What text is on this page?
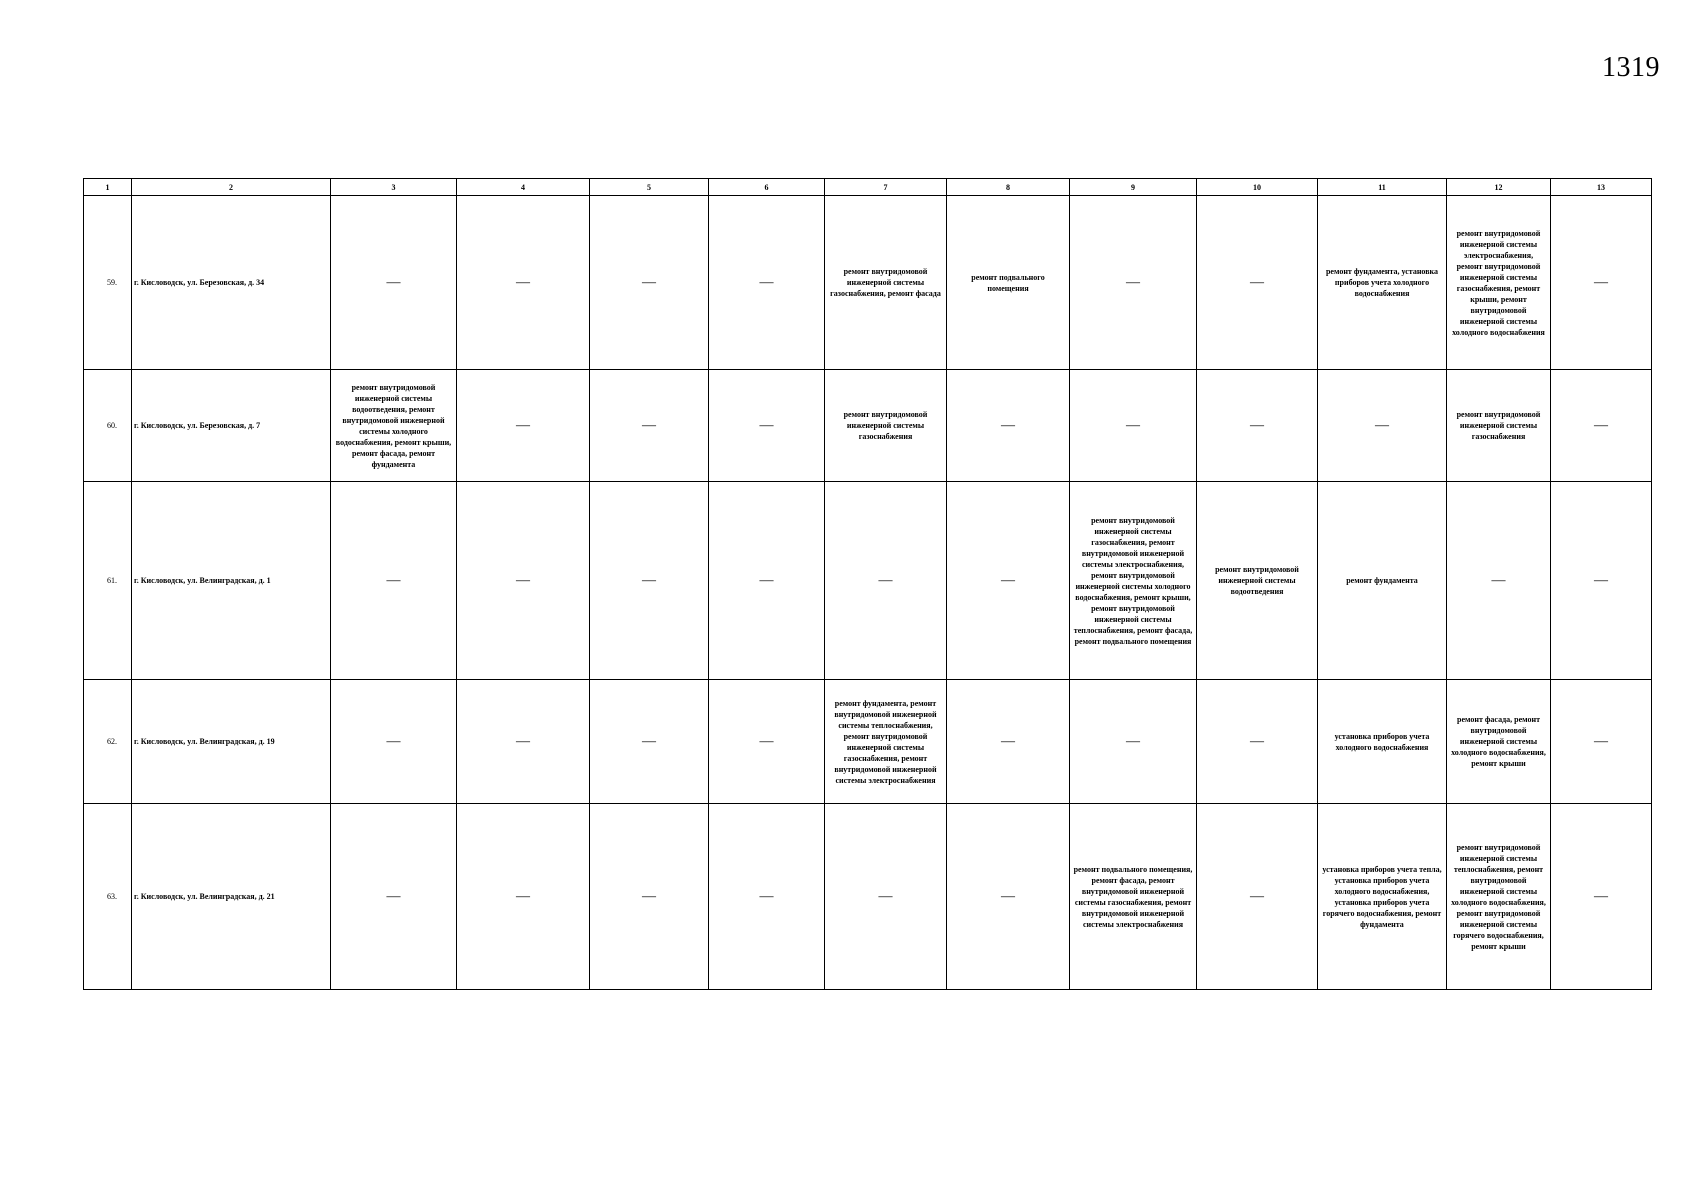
1319
1	2	3	4	5	6	7	8	9	10	11	12	13
59.	г. Кисловодск, ул. Березовская, д. 34	—	—	—	—	ремонт внутридомовой инженерной системы газоснабжения, ремонт фасада	ремонт подвального помещения	—	—	ремонт фундамента, установка приборов учета холодного водоснабжения	ремонт внутридомовой инженерной системы электроснабжения, ремонт внутридомовой инженерной системы газоснабжения, ремонт крыши, ремонт внутридомовой инженерной системы холодного водоснабжения	—
60.	г. Кисловодск, ул. Березовская, д. 7	ремонт внутридомовой инженерной системы водоотведения, ремонт внутридомовой инженерной системы холодного водоснабжения, ремонт крыши, ремонт фасада, ремонт фундамента	—	—	—	ремонт внутридомовой инженерной системы газоснабжения	—	—	—	—	ремонт внутридомовой инженерной системы газоснабжения	—
61.	г. Кисловодск, ул. Велинградская, д. 1	—	—	—	—	—	—	ремонт внутридомовой инженерной системы газоснабжения, ремонт внутридомовой инженерной системы электроснабжения, ремонт внутридомовой инженерной системы холодного водоснабжения, ремонт крыши, ремонт внутридомовой инженерной системы теплоснабжения, ремонт фасада, ремонт подвального помещения	ремонт внутридомовой инженерной системы водоотведения	ремонт фундамента	—	—
62.	г. Кисловодск, ул. Велинградская, д. 19	—	—	—	—	ремонт фундамента, ремонт внутридомовой инженерной системы теплоснабжения, ремонт внутридомовой инженерной системы газоснабжения, ремонт внутридомовой инженерной системы электроснабжения	—	—	—	установка приборов учета холодного водоснабжения	ремонт фасада, ремонт внутридомовой инженерной системы холодного водоснабжения, ремонт крыши	—
63.	г. Кисловодск, ул. Велинградская, д. 21	—	—	—	—	—	—	ремонт подвального помещения, ремонт фасада, ремонт внутридомовой инженерной системы газоснабжения, ремонт внутридомовой инженерной системы электроснабжения	—	установка приборов учета тепла, установка приборов учета холодного водоснабжения, установка приборов учета горячего водоснабжения, ремонт фундамента	ремонт внутридомовой инженерной системы теплоснабжения, ремонт внутридомовой инженерной системы холодного водоснабжения, ремонт внутридомовой инженерной системы горячего водоснабжения, ремонт крыши	—
